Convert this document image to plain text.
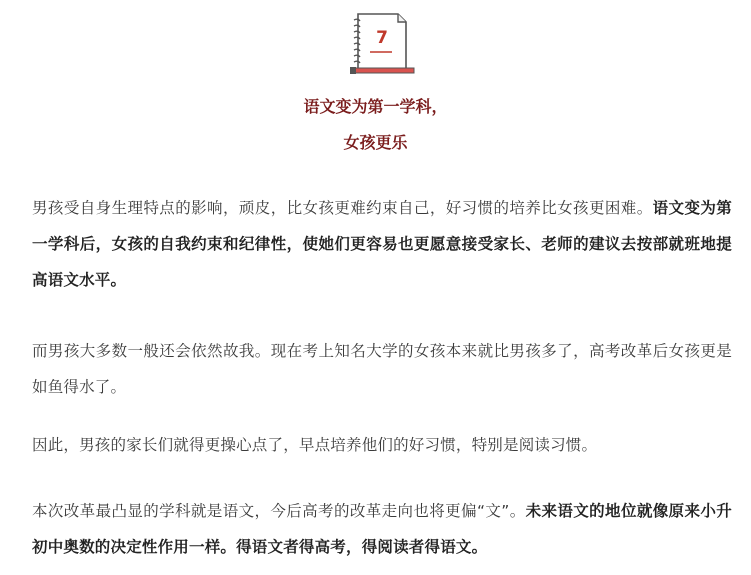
7
语文变为第一学科，
女孩更乐
男孩受自身生理特点的影响，顽皮，比女孩更难约束自己，好习惯的培养比女孩更困难。语文变为第一学科后，女孩的自我约束和纪律性，使她们更容易也更愿意接受家长、老师的建议去按部就班地提高语文水平。
而男孩大多数一般还会依然故我。现在考上知名大学的女孩本来就比男孩多了，高考改革后女孩更是如鱼得水了。
因此，男孩的家长们就得更操心点了，早点培养他们的好习惯，特别是阅读习惯。
本次改革最凸显的学科就是语文，今后高考的改革走向也将更偏“文”。未来语文的地位就像原来小升初中奥数的决定性作用一样。得语文者得高考，得阅读者得语文。
